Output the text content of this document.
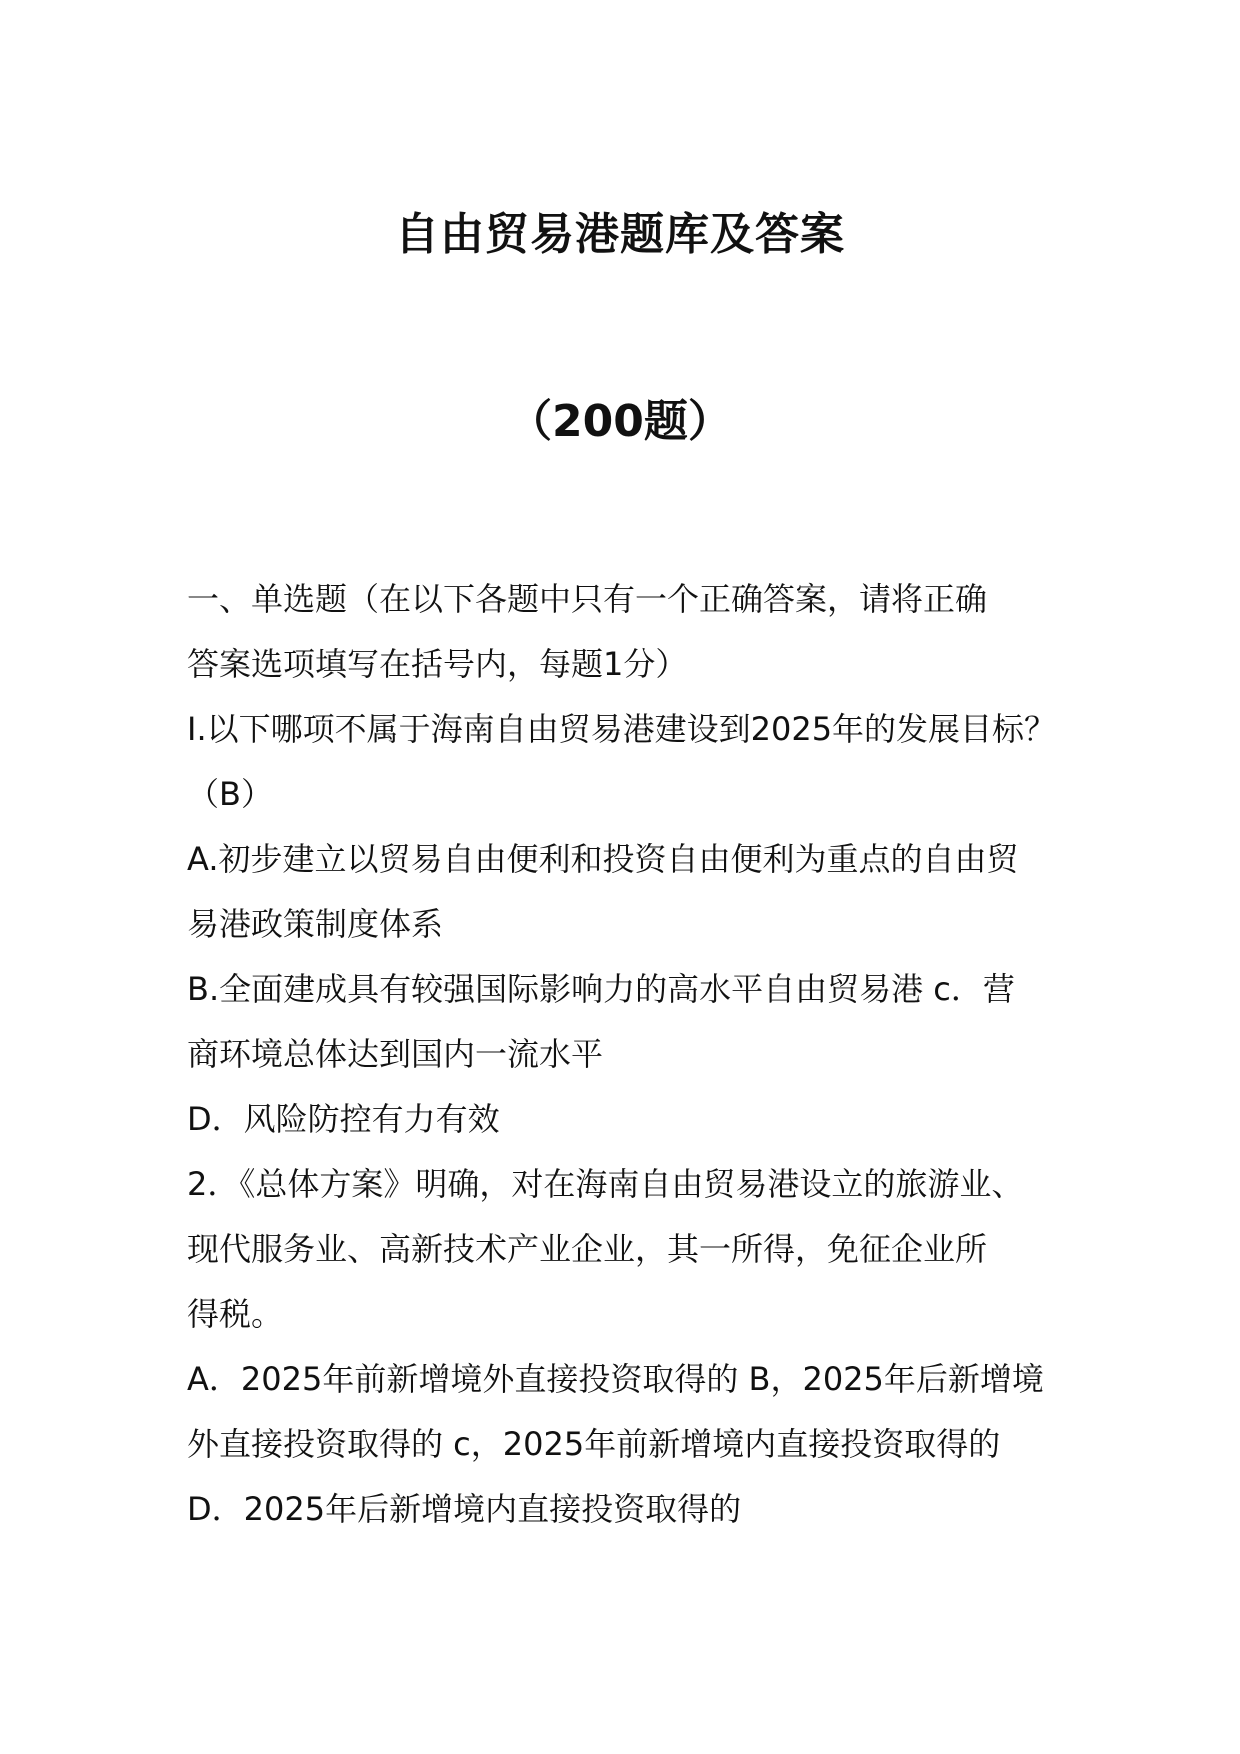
自由贸易港题库及答案
（200题）
一、单选题（在以下各题中只有一个正确答案，请将正确
答案选项填写在括号内，每题1分）
I.以下哪项不属于海南自由贸易港建设到2025年的发展目标？
（B）
A.初步建立以贸易自由便利和投资自由便利为重点的自由贸
易港政策制度体系
B.全面建成具有较强国际影响力的高水平自由贸易港 c．营
商环境总体达到国内一流水平
D．风险防控有力有效
2．《总体方案》明确，对在海南自由贸易港设立的旅游业、
现代服务业、高新技术产业企业，其一所得，免征企业所
得税。
A．2025年前新增境外直接投资取得的 B，2025年后新增境
外直接投资取得的 c，2025年前新增境内直接投资取得的
D．2025年后新增境内直接投资取得的
